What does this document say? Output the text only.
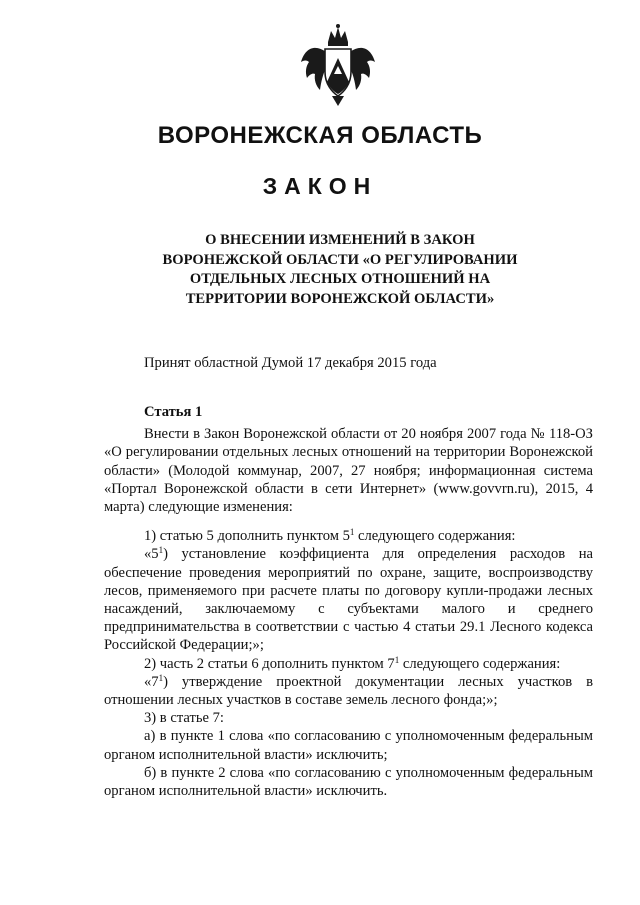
ВОРОНЕЖСКАЯ ОБЛАСТЬ
ЗАКОН
О ВНЕСЕНИИ ИЗМЕНЕНИЙ В ЗАКОН ВОРОНЕЖСКОЙ ОБЛАСТИ «О РЕГУЛИРОВАНИИ ОТДЕЛЬНЫХ ЛЕСНЫХ ОТНОШЕНИЙ НА ТЕРРИТОРИИ ВОРОНЕЖСКОЙ ОБЛАСТИ»
Принят областной Думой 17 декабря 2015 года

Статья 1

Внести в Закон Воронежской области от 20 ноября 2007 года № 118-ОЗ «О регулировании отдельных лесных отношений на территории Воронежской области» (Молодой коммунар, 2007, 27 ноября; информационная система «Портал Воронежской области в сети Интернет» (www.govvrn.ru), 2015, 4 марта) следующие изменения:

1) статью 5 дополнить пунктом $5^1$ следующего содержания:

«$5^1$) установление коэффициента для определения расходов на обеспечение проведения мероприятий по охране, защите, воспроизводству лесов, применяемого при расчете платы по договору купли-продажи лесных насаждений, заключаемому с субъектами малого и среднего предпринимательства в соответствии с частью 4 статьи 29.1 Лесного кодекса Российской Федерации;»;

2) часть 2 статьи 6 дополнить пунктом $7^1$ следующего содержания:

«$7^1$) утверждение проектной документации лесных участков в отношении лесных участков в составе земель лесного фонда;»;

3) в статье 7:

а) в пункте 1 слова «по согласованию с уполномоченным федеральным органом исполнительной власти» исключить;

б) в пункте 2 слова «по согласованию с уполномоченным федеральным органом исполнительной власти» исключить.
